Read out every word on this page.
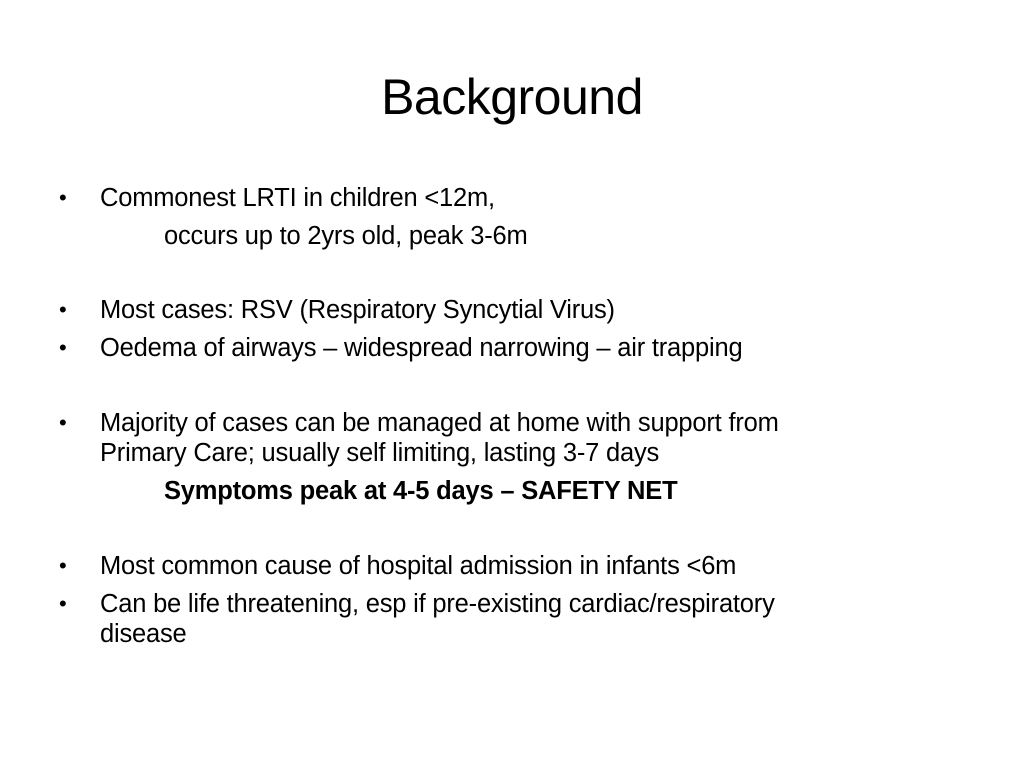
Background
• Commonest LRTI in children <12m,
occurs up to 2yrs old, peak 3-6m
• Most cases: RSV (Respiratory Syncytial Virus)
• Oedema of airways – widespread narrowing – air trapping
• Majority of cases can be managed at home with support from
Primary Care; usually self limiting, lasting 3-7 days
Symptoms peak at 4-5 days – SAFETY NET
• Most common cause of hospital admission in infants <6m
• Can be life threatening, esp if pre-existing cardiac/respiratory
disease
